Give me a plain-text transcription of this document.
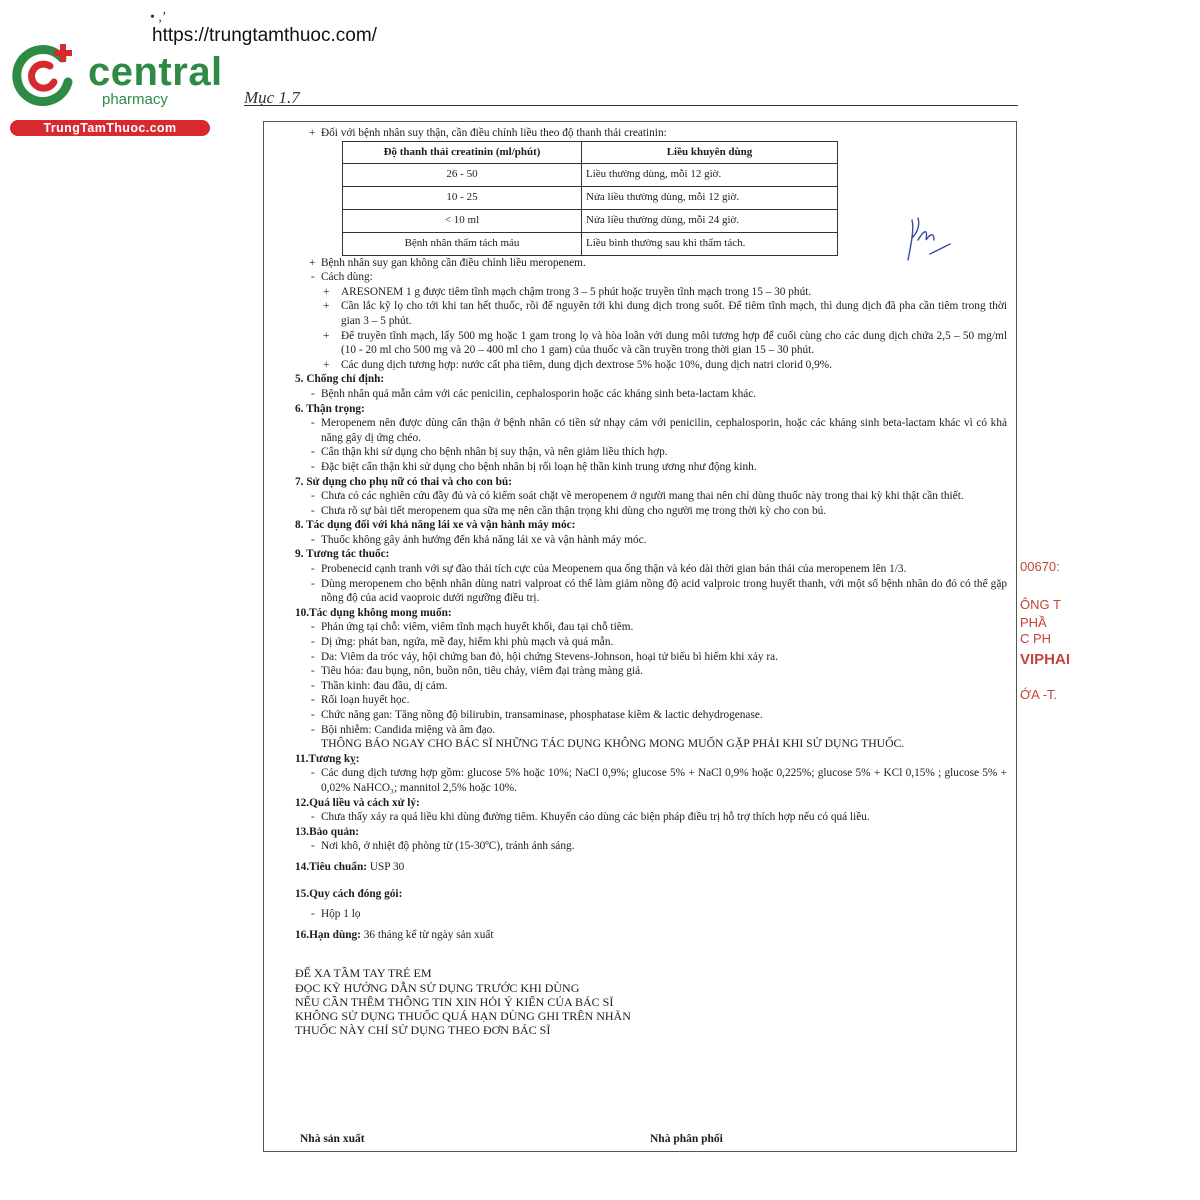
• ,’
https://trungtamthuoc.com/
central
pharmacy
TrungTamThuoc.com
Mục 1.7

+ Đối với bệnh nhân suy thận, cần điều chỉnh liều theo độ thanh thải creatinin:

Độ thanh thải creatinin (ml/phút)	Liều khuyên dùng
26 - 50	Liều thường dùng, mỗi 12 giờ.
10 - 25	Nửa liều thường dùng, mỗi 12 giờ.
< 10 ml	Nửa liều thường dùng, mỗi 24 giờ.
Bệnh nhân thẩm tách máu	Liều bình thường sau khi thẩm tách.

+ Bệnh nhân suy gan không cần điều chỉnh liều meropenem.

- Cách dùng:

+ ARESONEM 1 g được tiêm tĩnh mạch chậm trong 3 – 5 phút hoặc truyền tĩnh mạch trong 15 – 30 phút.

+ Cần lắc kỹ lọ cho tới khi tan hết thuốc, rồi để nguyên tới khi dung dịch trong suốt. Để tiêm tĩnh mạch, thì dung dịch đã pha cần tiêm trong thời gian 3 – 5 phút.

+ Để truyền tĩnh mạch, lấy 500 mg hoặc 1 gam trong lọ và hòa loãn với dung môi tương hợp để cuối cùng cho các dung dịch chứa 2,5 – 50 mg/ml (10 - 20 ml cho 500 mg và 20 – 400 ml cho 1 gam) của thuốc và cần truyền trong thời gian 15 – 30 phút.

+ Các dung dịch tương hợp: nước cất pha tiêm, dung dịch dextrose 5% hoặc 10%, dung dịch natri clorid 0,9%.

5. Chống chỉ định:

- Bệnh nhân quá mẫn cảm với các penicilin, cephalosporin hoặc các kháng sinh beta-lactam khác.

6. Thận trọng:

- Meropenem nên được dùng cẩn thận ở bệnh nhân có tiền sử nhạy cảm với penicilin, cephalosporin, hoặc các kháng sinh beta-lactam khác vì có khả năng gây dị ứng chéo.

- Cẩn thận khi sử dụng cho bệnh nhân bị suy thận, và nên giảm liều thích hợp.

- Đặc biệt cẩn thận khi sử dụng cho bệnh nhân bị rối loạn hệ thần kinh trung ương như động kinh.

7. Sử dụng cho phụ nữ có thai và cho con bú:

- Chưa có các nghiên cứu đầy đủ và có kiểm soát chặt về meropenem ở người mang thai nên chỉ dùng thuốc này trong thai kỳ khi thật cần thiết.

- Chưa rõ sự bài tiết meropenem qua sữa mẹ nên cần thận trọng khi dùng cho người mẹ trong thời kỳ cho con bú.

8. Tác dụng đối với khả năng lái xe và vận hành máy móc:

- Thuốc không gây ảnh hưởng đến khả năng lái xe và vận hành máy móc.

9. Tương tác thuốc:

- Probenecid cạnh tranh với sự đào thải tích cực của Meopenem qua ống thận và kéo dài thời gian bán thải của meropenem lên 1/3.

- Dùng meropenem cho bệnh nhân dùng natri valproat có thể làm giảm nồng độ acid valproic trong huyết thanh, với một số bệnh nhân do đó có thể gặp nồng độ của acid vaoproic dưới ngưỡng điều trị.

10.Tác dụng không mong muốn:

- Phản ứng tại chỗ: viêm, viêm tĩnh mạch huyết khối, đau tại chỗ tiêm.

- Dị ứng: phát ban, ngứa, mề đay, hiếm khi phù mạch và quá mẫn.

- Da: Viêm da tróc vảy, hội chứng ban đỏ, hội chứng Stevens-Johnson, hoại tử biểu bì hiếm khi xảy ra.

- Tiêu hóa: đau bụng, nôn, buồn nôn, tiêu chảy, viêm đại tràng màng giả.

- Thần kinh: đau đầu, dị cảm.

- Rối loạn huyết học.

- Chức năng gan: Tăng nồng độ bilirubin, transaminase, phosphatase kiềm & lactic dehydrogenase.

- Bội nhiễm: Candida miệng và âm đạo.

THÔNG BÁO NGAY CHO BÁC SĨ NHỮNG TÁC DỤNG KHÔNG MONG MUỐN GẶP PHẢI KHI SỬ DỤNG THUỐC.

11.Tương kỵ:

- Các dung dịch tương hợp gồm: glucose 5% hoặc 10%; NaCl 0,9%; glucose 5% + NaCl 0,9% hoặc 0,225%; glucose 5% + KCl 0,15% ; glucose 5% + 0,02% NaHCO₃; mannitol 2,5% hoặc 10%.

12.Quá liều và cách xử lý:

- Chưa thấy xảy ra quá liều khi dùng đường tiêm. Khuyến cáo dùng các biện pháp điều trị hỗ trợ thích hợp nếu có quá liều.

13.Bảo quản:

- Nơi khô, ở nhiệt độ phòng từ (15-30ºC), tránh ánh sáng.

14.Tiêu chuẩn: USP 30

15.Quy cách đóng gói:

- Hộp 1 lọ

16.Hạn dùng: 36 tháng kể từ ngày sản xuất

ĐỂ XA TẦM TAY TRẺ EM

ĐỌC KỸ HƯỚNG DẪN SỬ DỤNG TRƯỚC KHI DÙNG

NẾU CẦN THÊM THÔNG TIN XIN HỎI Ý KIẾN CỦA BÁC SĨ

KHÔNG SỬ DỤNG THUỐC QUÁ HẠN DÙNG GHI TRÊN NHÃN

THUỐC NÀY CHỈ SỬ DỤNG THEO ĐƠN BÁC SĨ

Nhà sản xuất	Nhà phân phối
00670:
ÔNG T
PHẦ
C PH
VIPHAI
ỚA -T.
